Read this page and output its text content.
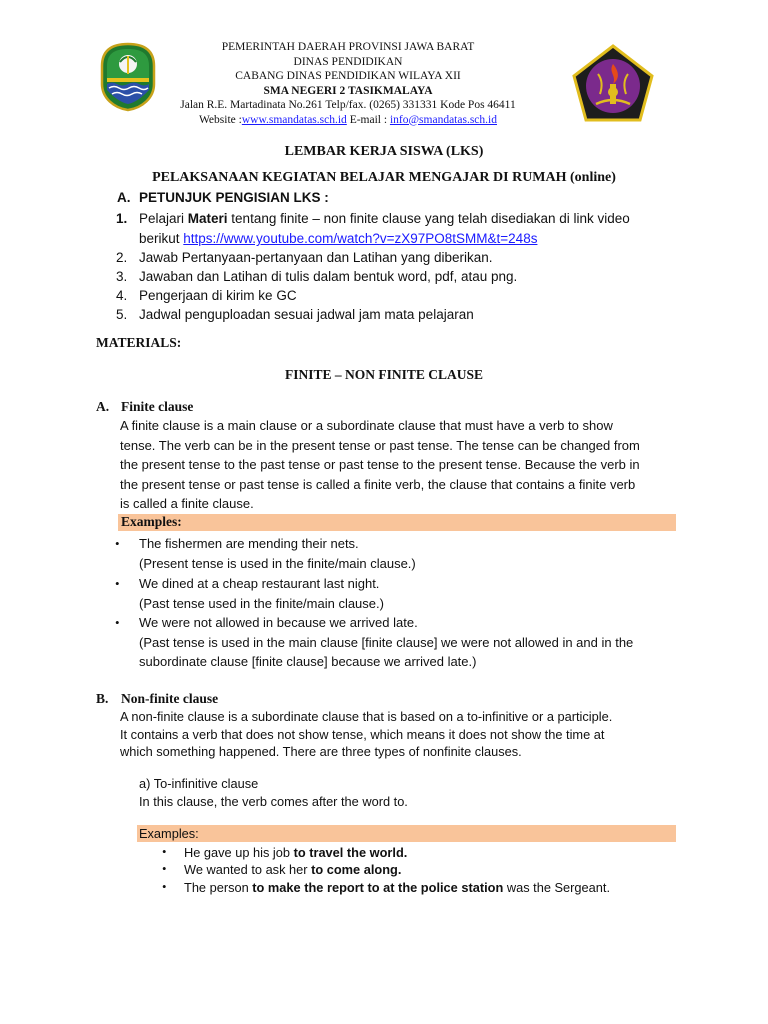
PEMERINTAH DAERAH PROVINSI JAWA BARAT
DINAS PENDIDIKAN
CABANG DINAS PENDIDIKAN WILAYA XII
SMA NEGERI 2 TASIKMALAYA
Jalan R.E. Martadinata No.261 Telp/fax. (0265) 331331 Kode Pos 46411
Website :www.smandatas.sch.id E-mail : info@smandatas.sch.id
LEMBAR KERJA SISWA (LKS)
PELAKSANAAN KEGIATAN BELAJAR MENGAJAR DI RUMAH (online)
A. PETUNJUK PENGISIAN LKS :
1. Pelajari Materi tentang finite – non finite clause yang telah disediakan di link video
berikut https://www.youtube.com/watch?v=zX97PO8tSMM&t=248s
2. Jawab Pertanyaan-pertanyaan dan Latihan yang diberikan.
3. Jawaban dan Latihan di tulis dalam bentuk word, pdf, atau png.
4. Pengerjaan di kirim ke GC
5. Jadwal penguploadan sesuai jadwal jam mata pelajaran
MATERIALS:
FINITE – NON FINITE CLAUSE
A. Finite clause
A finite clause is a main clause or a subordinate clause that must have a verb to show
tense. The verb can be in the present tense or past tense. The tense can be changed from
the present tense to the past tense or past tense to the present tense. Because the verb in
the present tense or past tense is called a finite verb, the clause that contains a finite verb
is called a finite clause.
Examples:
• The fishermen are mending their nets.
(Present tense is used in the finite/main clause.)
• We dined at a cheap restaurant last night.
(Past tense used in the finite/main clause.)
• We were not allowed in because we arrived late.
(Past tense is used in the main clause [finite clause] we were not allowed in and in the
subordinate clause [finite clause] because we arrived late.)
B. Non-finite clause
A non-finite clause is a subordinate clause that is based on a to-infinitive or a participle.
It contains a verb that does not show tense, which means it does not show the time at
which something happened. There are three types of nonfinite clauses.
a) To-infinitive clause
In this clause, the verb comes after the word to.
Examples:
• He gave up his job to travel the world.
• We wanted to ask her to come along.
• The person to make the report to at the police station was the Sergeant.
